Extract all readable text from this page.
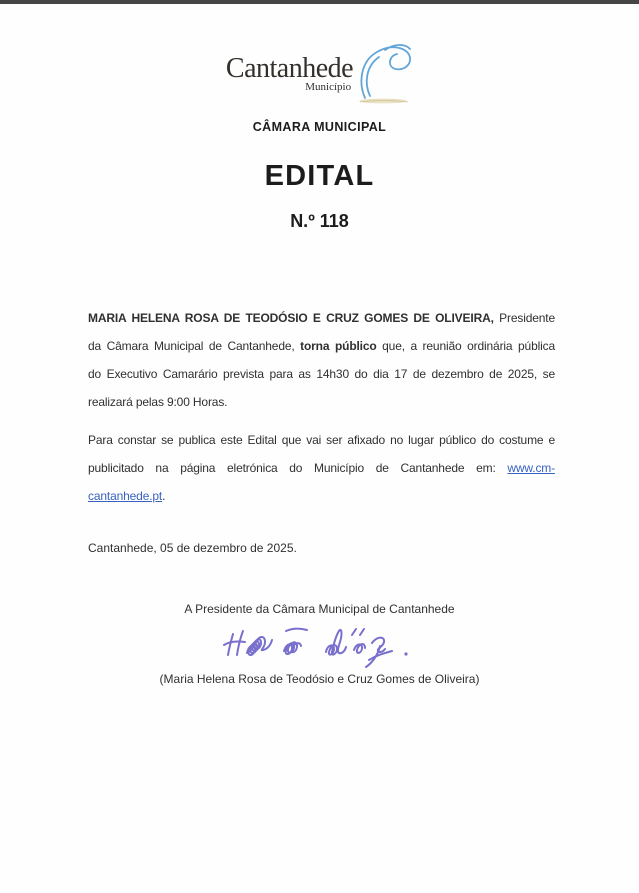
Cantanhede
Município
CÂMARA MUNICIPAL
EDITAL
N.º 118
MARIA HELENA ROSA DE TEODÓSIO E CRUZ GOMES DE OLIVEIRA, Presidente
da Câmara Municipal de Cantanhede, torna público que, a reunião ordinária pública
do Executivo Camarário prevista para as 14h30 do dia 17 de dezembro de 2025, se
realizará pelas 9:00 Horas.
Para constar se publica este Edital que vai ser afixado no lugar público do costume e
publicitado na página eletrónica do Município de Cantanhede em: www.cm-
cantanhede.pt.
Cantanhede, 05 de dezembro de 2025.
A Presidente da Câmara Municipal de Cantanhede
(Maria Helena Rosa de Teodósio e Cruz Gomes de Oliveira)
